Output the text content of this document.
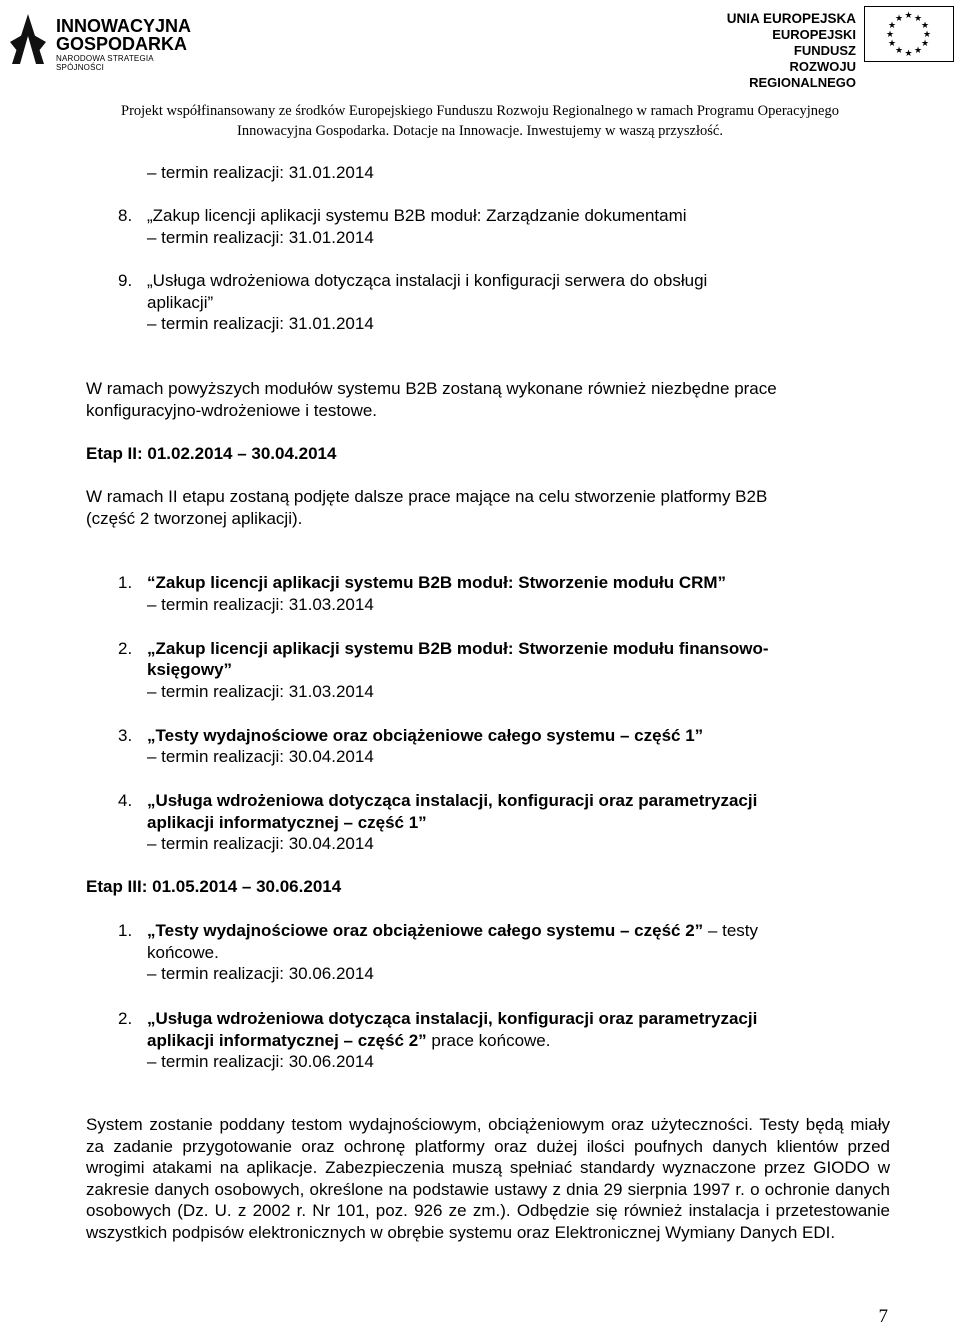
INNOWACYJNA
GOSPODARKA
NARODOWA STRATEGIA SPÓJNOŚCI
UNIA EUROPEJSKA
EUROPEJSKI FUNDUSZ
ROZWOJU REGIONALNEGO
★ ★
★
★
★
★
★
★
★
★
★
★
Projekt współfinansowany ze środków Europejskiego Funduszu Rozwoju Regionalnego w ramach Programu Operacyjnego
Innowacyjna Gospodarka. Dotacje na Innowacje. Inwestujemy w waszą przyszłość.
– termin realizacji: 31.01.2014
8. „Zakup licencji aplikacji systemu B2B moduł: Zarządzanie dokumentami
– termin realizacji: 31.01.2014
9. „Usługa wdrożeniowa dotycząca instalacji i konfiguracji serwera do obsługi
aplikacji”
– termin realizacji: 31.01.2014
W ramach powyższych modułów systemu B2B zostaną wykonane również niezbędne prace
konfiguracyjno-wdrożeniowe i testowe.
Etap II: 01.02.2014 – 30.04.2014
W ramach II etapu zostaną podjęte dalsze prace mające na celu stworzenie platformy B2B
(część 2 tworzonej aplikacji).
1. “Zakup licencji aplikacji systemu B2B moduł: Stworzenie modułu CRM”
– termin realizacji: 31.03.2014
2. „Zakup licencji aplikacji systemu B2B moduł: Stworzenie modułu finansowo-
księgowy”
– termin realizacji: 31.03.2014
3. „Testy wydajnościowe oraz obciążeniowe całego systemu – część 1”
– termin realizacji: 30.04.2014
4. „Usługa wdrożeniowa dotycząca instalacji, konfiguracji oraz parametryzacji
aplikacji informatycznej – część 1”
– termin realizacji: 30.04.2014
Etap III: 01.05.2014 – 30.06.2014
1. „Testy wydajnościowe oraz obciążeniowe całego systemu – część 2” – testy
końcowe.
– termin realizacji: 30.06.2014
2. „Usługa wdrożeniowa dotycząca instalacji, konfiguracji oraz parametryzacji
aplikacji informatycznej – część 2” prace końcowe.
– termin realizacji: 30.06.2014
System zostanie poddany testom wydajnościowym, obciążeniowym oraz użyteczności. Testy będą miały za zadanie przygotowanie oraz ochronę platformy oraz dużej ilości poufnych danych klientów przed wrogimi atakami na aplikacje. Zabezpieczenia muszą spełniać standardy wyznaczone przez GIODO w zakresie danych osobowych, określone na podstawie ustawy z dnia 29 sierpnia 1997 r. o ochronie danych osobowych (Dz. U. z 2002 r. Nr 101, poz. 926 ze zm.). Odbędzie się również instalacja i przetestowanie wszystkich podpisów elektronicznych w obrębie systemu oraz Elektronicznej Wymiany Danych EDI.
7
